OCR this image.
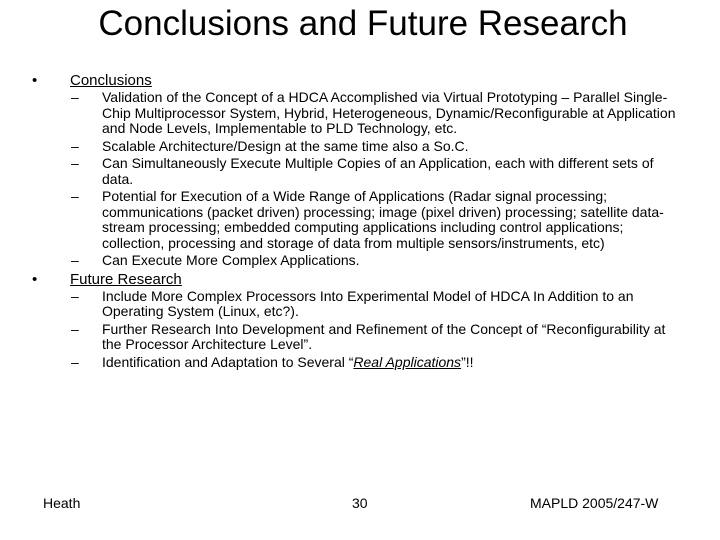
Conclusions and Future Research
• Conclusions
– Validation of the Concept of a HDCA Accomplished via Virtual Prototyping – Parallel Single-Chip Multiprocessor System, Hybrid, Heterogeneous, Dynamic/Reconfigurable at Application and Node Levels, Implementable to PLD Technology, etc.
– Scalable Architecture/Design at the same time also a So.C.
– Can Simultaneously Execute Multiple Copies of an Application, each with different sets of data.
– Potential for Execution of a Wide Range of Applications (Radar signal processing; communications (packet driven) processing; image (pixel driven) processing; satellite data-stream processing; embedded computing applications including control applications; collection, processing and storage of data from multiple sensors/instruments, etc)
– Can Execute More Complex Applications.
• Future Research
– Include More Complex Processors Into Experimental Model of HDCA In Addition to an Operating System (Linux, etc?).
– Further Research Into Development and Refinement of the Concept of “Reconfigurability at the Processor Architecture Level”.
– Identification and Adaptation to Several “Real Applications”!!
Heath	30	MAPLD 2005/247-W
